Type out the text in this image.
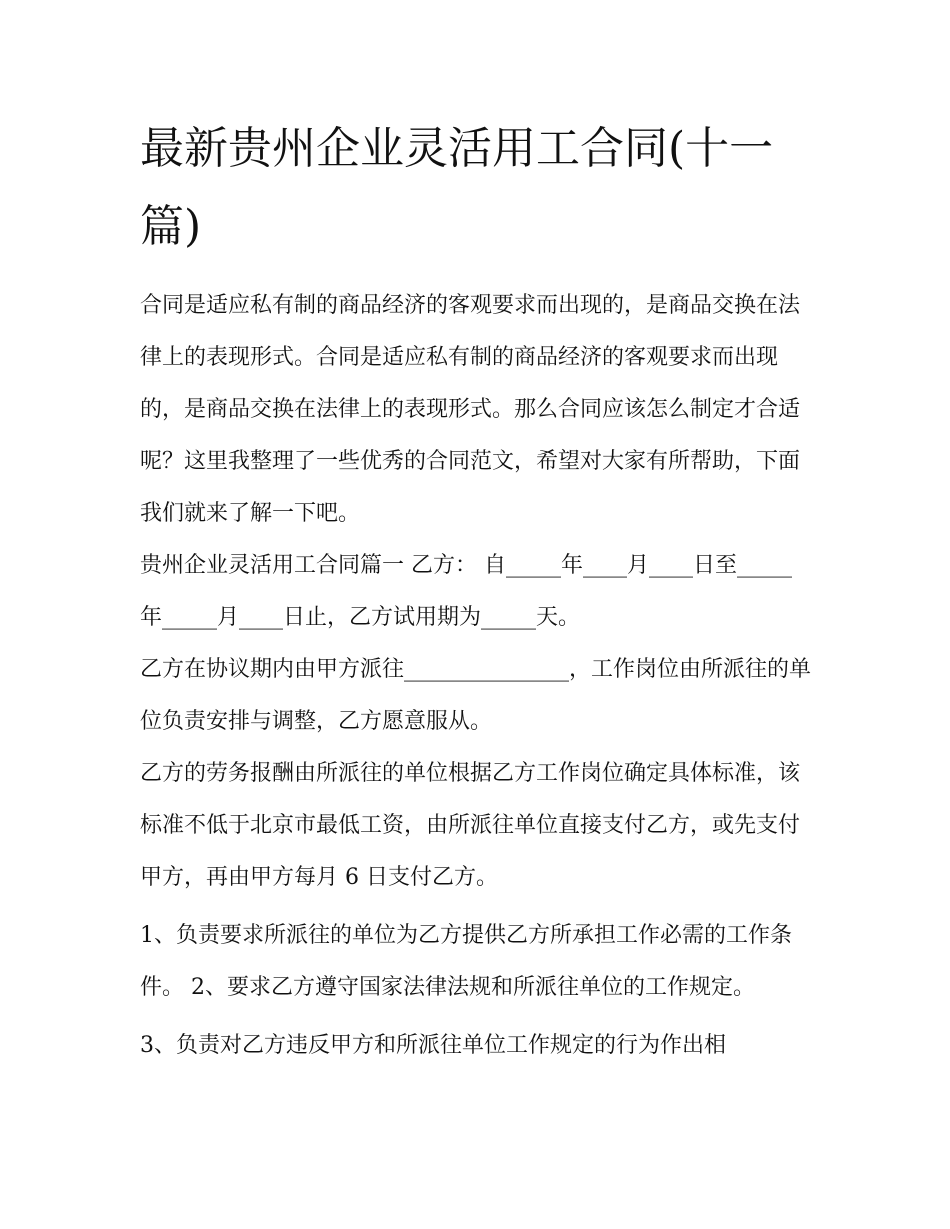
最新贵州企业灵活用工合同(十一篇)

合同是适应私有制的商品经济的客观要求而出现的，是商品交换在法律上的表现形式。合同是适应私有制的商品经济的客观要求而出现的，是商品交换在法律上的表现形式。那么合同应该怎么制定才合适呢？这里我整理了一些优秀的合同范文，希望对大家有所帮助，下面我们就来了解一下吧。

贵州企业灵活用工合同篇一 乙方： 自_____年____月____日至_____年_____月____日止，乙方试用期为_____天。

乙方在协议期内由甲方派往_______________，工作岗位由所派往的单位负责安排与调整，乙方愿意服从。

乙方的劳务报酬由所派往的单位根据乙方工作岗位确定具体标准，该标准不低于北京市最低工资，由所派往单位直接支付乙方，或先支付甲方，再由甲方每月 6 日支付乙方。

1、负责要求所派往的单位为乙方提供乙方所承担工作必需的工作条件。 2、要求乙方遵守国家法律法规和所派往单位的工作规定。

3、负责对乙方违反甲方和所派往单位工作规定的行为作出相
